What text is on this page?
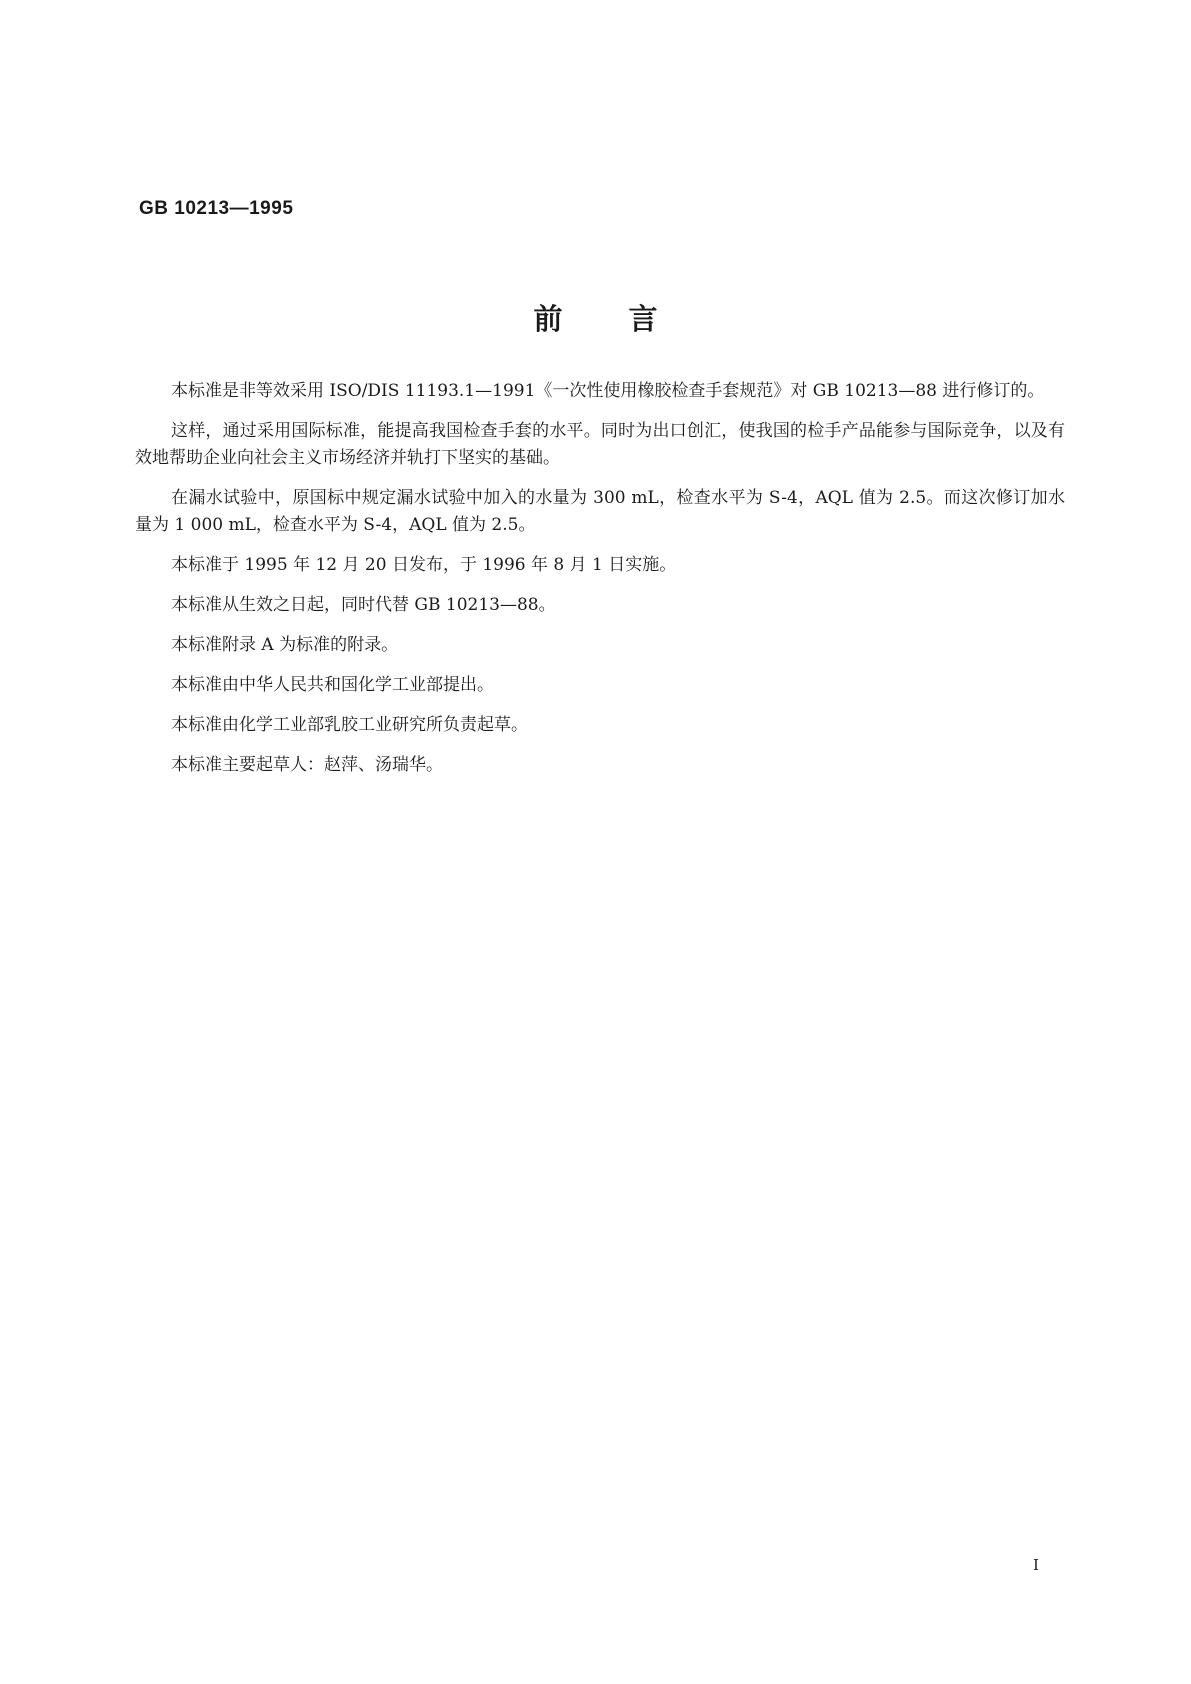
GB 10213—1995
前言

本标准是非等效采用 ISO/DIS 11193.1—1991《一次性使用橡胶检查手套规范》对 GB 10213—88 进行修订的。

这样，通过采用国际标准，能提高我国检查手套的水平。同时为出口创汇，使我国的检手产品能参与国际竞争，以及有效地帮助企业向社会主义市场经济并轨打下坚实的基础。

在漏水试验中，原国标中规定漏水试验中加入的水量为 300 mL，检查水平为 S-4，AQL 值为 2.5。而这次修订加水量为 1 000 mL，检查水平为 S-4，AQL 值为 2.5。

本标准于 1995 年 12 月 20 日发布，于 1996 年 8 月 1 日实施。

本标准从生效之日起，同时代替 GB 10213—88。

本标准附录 A 为标准的附录。

本标准由中华人民共和国化学工业部提出。

本标准由化学工业部乳胶工业研究所负责起草。

本标准主要起草人：赵萍、汤瑞华。

I
